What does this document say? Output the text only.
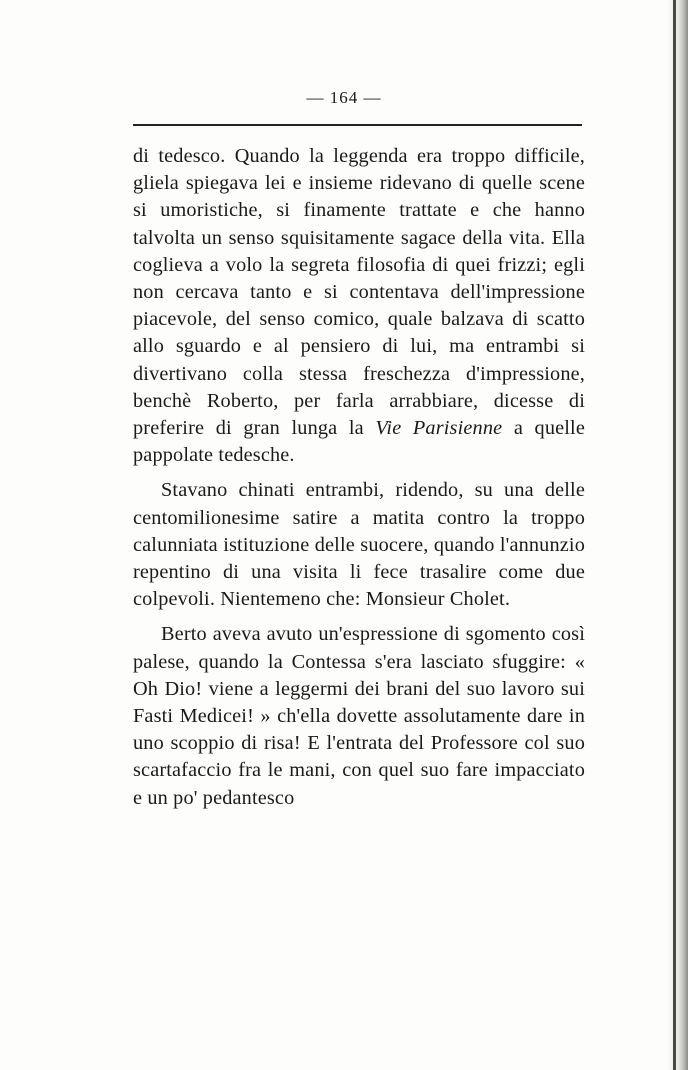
— 164 —

di tedesco. Quando la leggenda era troppo difficile, gliela spiegava lei e insieme ridevano di quelle scene si umoristiche, si finamente trattate e che hanno talvolta un senso squisitamente sagace della vita. Ella coglieva a volo la segreta filosofia di quei frizzi; egli non cercava tanto e si contentava dell'impressione piacevole, del senso comico, quale balzava di scatto allo sguardo e al pensiero di lui, ma entrambi si divertivano colla stessa freschezza d'impressione, benchè Roberto, per farla arrabbiare, dicesse di preferire di gran lunga la Vie Parisienne a quelle pappolate tedesche.

Stavano chinati entrambi, ridendo, su una delle centomilionesime satire a matita contro la troppo calunniata istituzione delle suocere, quando l'annunzio repentino di una visita li fece trasalire come due colpevoli. Nientemeno che: Monsieur Cholet.

Berto aveva avuto un'espressione di sgomento così palese, quando la Contessa s'era lasciato sfuggire: « Oh Dio! viene a leggermi dei brani del suo lavoro sui Fasti Medicei! » ch'ella dovette assolutamente dare in uno scoppio di risa! E l'entrata del Professore col suo scartafaccio fra le mani, con quel suo fare impacciato e un po' pedantesco
